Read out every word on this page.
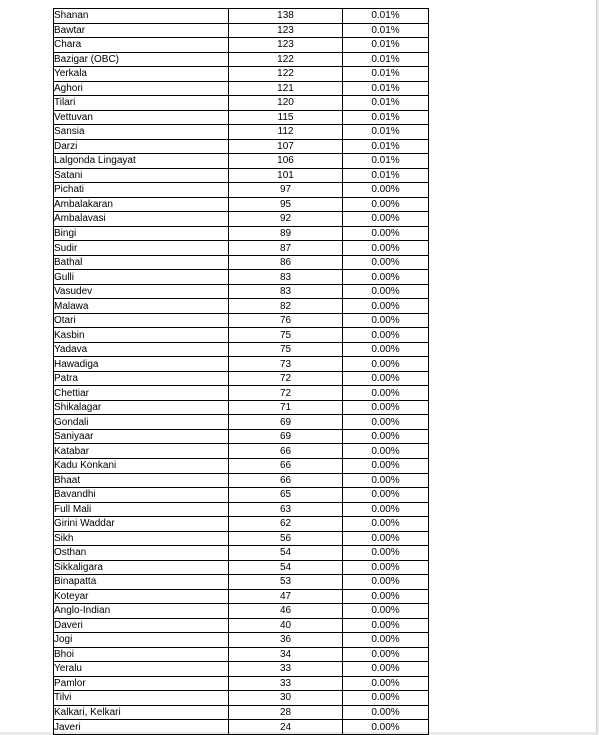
Shanan	138	0.01%
Bawtar	123	0.01%
Chara	123	0.01%
Bazigar (OBC)	122	0.01%
Yerkala	122	0.01%
Aghori	121	0.01%
Tilari	120	0.01%
Vettuvan	115	0.01%
Sansia	112	0.01%
Darzi	107	0.01%
Lalgonda Lingayat	106	0.01%
Satani	101	0.01%
Pichati	97	0.00%
Ambalakaran	95	0.00%
Ambalavasi	92	0.00%
Bingi	89	0.00%
Sudir	87	0.00%
Bathal	86	0.00%
Gulli	83	0.00%
Vasudev	83	0.00%
Malawa	82	0.00%
Otari	76	0.00%
Kasbin	75	0.00%
Yadava	75	0.00%
Hawadiga	73	0.00%
Patra	72	0.00%
Chettiar	72	0.00%
Shikalagar	71	0.00%
Gondali	69	0.00%
Saniyaar	69	0.00%
Katabar	66	0.00%
Kadu Konkani	66	0.00%
Bhaat	66	0.00%
Bavandhi	65	0.00%
Full Mali	63	0.00%
Girini Waddar	62	0.00%
Sikh	56	0.00%
Osthan	54	0.00%
Sikkaligara	54	0.00%
Binapatta	53	0.00%
Koteyar	47	0.00%
Anglo-Indian	46	0.00%
Daveri	40	0.00%
Jogi	36	0.00%
Bhoi	34	0.00%
Yeralu	33	0.00%
Pamlor	33	0.00%
Tilvi	30	0.00%
Kalkari, Kelkari	28	0.00%
Javeri	24	0.00%
